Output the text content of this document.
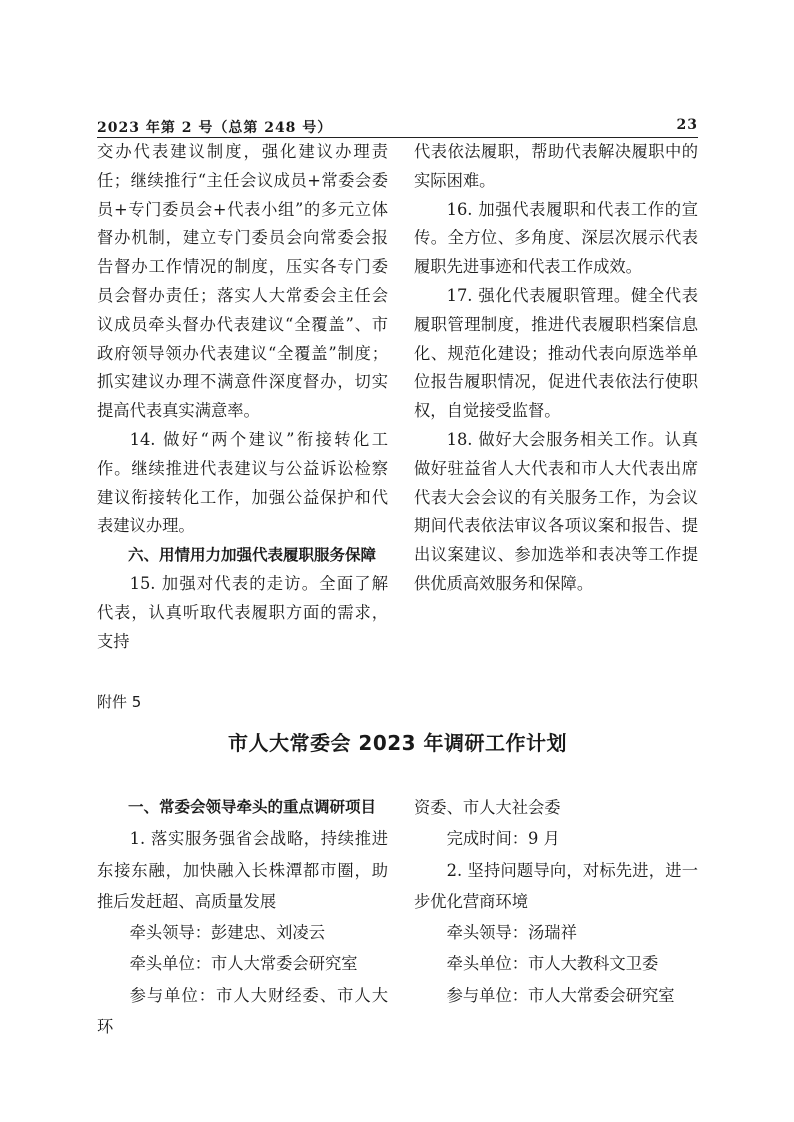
2023 年第 2 号（总第 248 号）	23

交办代表建议制度，强化建议办理责任；继续推行“主任会议成员+常委会委员+专门委员会+代表小组”的多元立体督办机制，建立专门委员会向常委会报告督办工作情况的制度，压实各专门委员会督办责任；落实人大常委会主任会议成员牵头督办代表建议“全覆盖”、市政府领导领办代表建议“全覆盖”制度；抓实建议办理不满意件深度督办，切实提高代表真实满意率。

14. 做好“两个建议”衔接转化工作。继续推进代表建议与公益诉讼检察建议衔接转化工作，加强公益保护和代表建议办理。

六、用情用力加强代表履职服务保障

15. 加强对代表的走访。全面了解代表，认真听取代表履职方面的需求，支持

代表依法履职，帮助代表解决履职中的实际困难。

16. 加强代表履职和代表工作的宣传。全方位、多角度、深层次展示代表履职先进事迹和代表工作成效。

17. 强化代表履职管理。健全代表履职管理制度，推进代表履职档案信息化、规范化建设；推动代表向原选举单位报告履职情况，促进代表依法行使职权，自觉接受监督。

18. 做好大会服务相关工作。认真做好驻益省人大代表和市人大代表出席代表大会会议的有关服务工作，为会议期间代表依法审议各项议案和报告、提出议案建议、参加选举和表决等工作提供优质高效服务和保障。

附件 5
市人大常委会 2023 年调研工作计划

一、常委会领导牵头的重点调研项目

1. 落实服务强省会战略，持续推进东接东融，加快融入长株潭都市圈，助推后发赶超、高质量发展

牵头领导：彭建忠、刘凌云

牵头单位：市人大常委会研究室

参与单位：市人大财经委、市人大环

资委、市人大社会委

完成时间：9 月

2. 坚持问题导向，对标先进，进一步优化营商环境

牵头领导：汤瑞祥

牵头单位：市人大教科文卫委

参与单位：市人大常委会研究室
